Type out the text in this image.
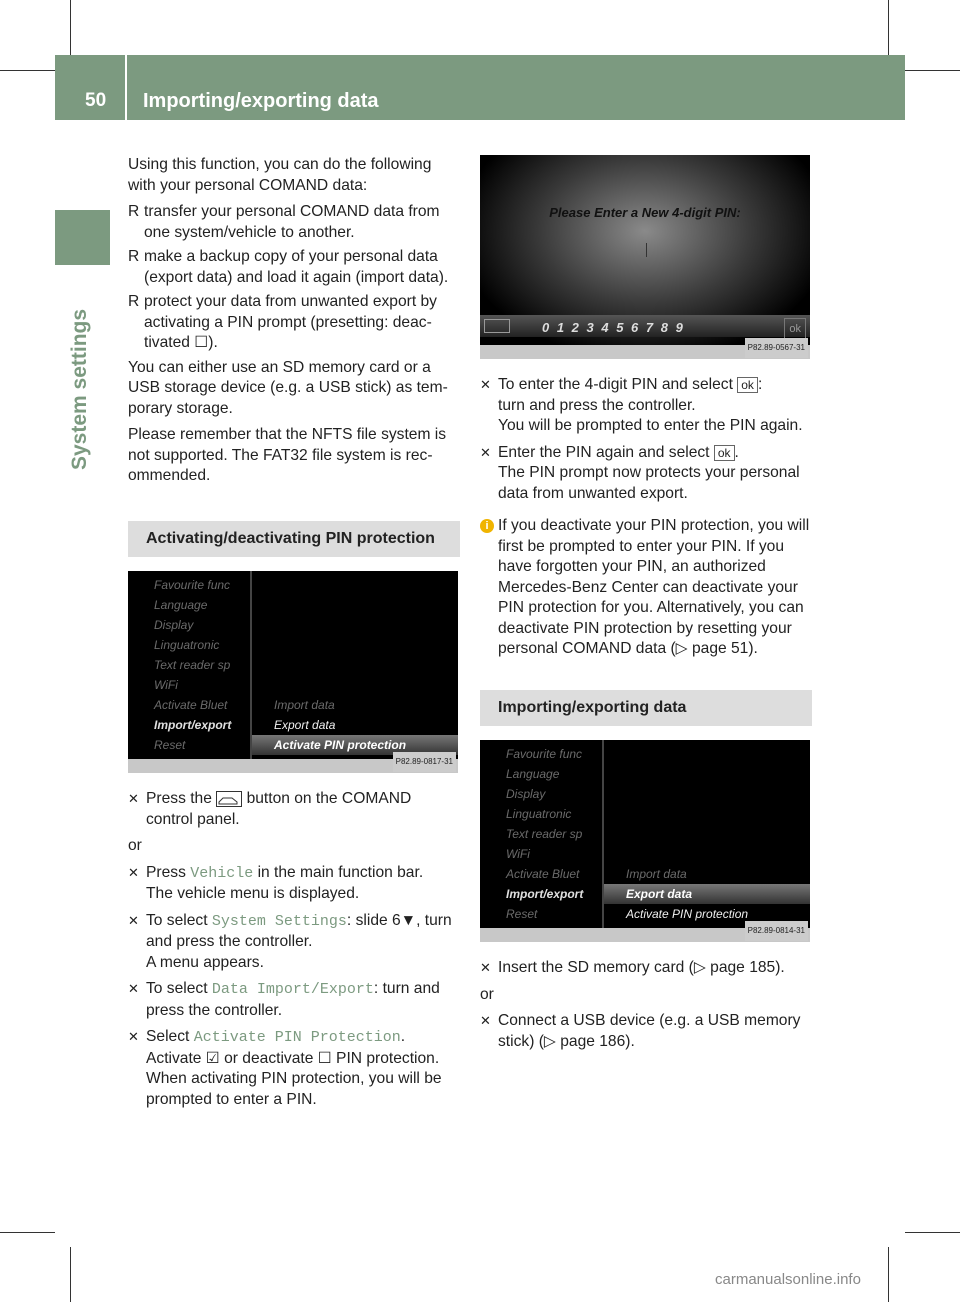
50 Importing/exporting data
System settings

Using this function, you can do the following with your personal COMAND data:

R transfer your personal COMAND data from one system/vehicle to another.
R make a backup copy of your personal data (export data) and load it again (import data).
R protect your data from unwanted export by activating a PIN prompt (presetting: deactivated ☐).

You can either use an SD memory card or a USB storage device (e.g. a USB stick) as temporary storage.

Please remember that the NFTS file system is not supported. The FAT32 file system is recommended.

Activating/deactivating PIN protection
Favourite func
Language
Display
Linguatronic
Text reader sp
WiFi
Activate Bluet
Import/export
Reset
Import data
Export data
Activate PIN protection
P82.89-0817-31
✕ Press the button on the COMAND control panel.

or

✕ Press Vehicle in the main function bar.
The vehicle menu is displayed.
✕ To select System Settings: slide 6▼, turn and press the controller.
A menu appears.
✕ To select Data Import/Export: turn and press the controller.
✕ Select Activate PIN Protection.
Activate ☑ or deactivate ☐ PIN protection. When activating PIN protection, you will be prompted to enter a PIN.
Please Enter a New 4-digit PIN:
0 1 2 3 4 5 6 7 8 9	ok
P82.89-0567-31
✕ To enter the 4-digit PIN and select ok :
turn and press the controller.
You will be prompted to enter the PIN again.
✕ Enter the PIN again and select ok .
The PIN prompt now protects your personal data from unwanted export.
i If you deactivate your PIN protection, you will first be prompted to enter your PIN. If you have forgotten your PIN, an authorized Mercedes-Benz Center can deactivate your PIN protection for you. Alternatively, you can deactivate PIN protection by resetting your personal COMAND data (▷ page 51).
Importing/exporting data
Favourite func
Language
Display
Linguatronic
Text reader sp
WiFi
Activate Bluet
Import/export
Reset
Import data
Export data
Activate PIN protection
P82.89-0814-31
✕ Insert the SD memory card (▷ page 185).

or

✕ Connect a USB device (e.g. a USB memory stick) (▷ page 186).
carmanualsonline.info
